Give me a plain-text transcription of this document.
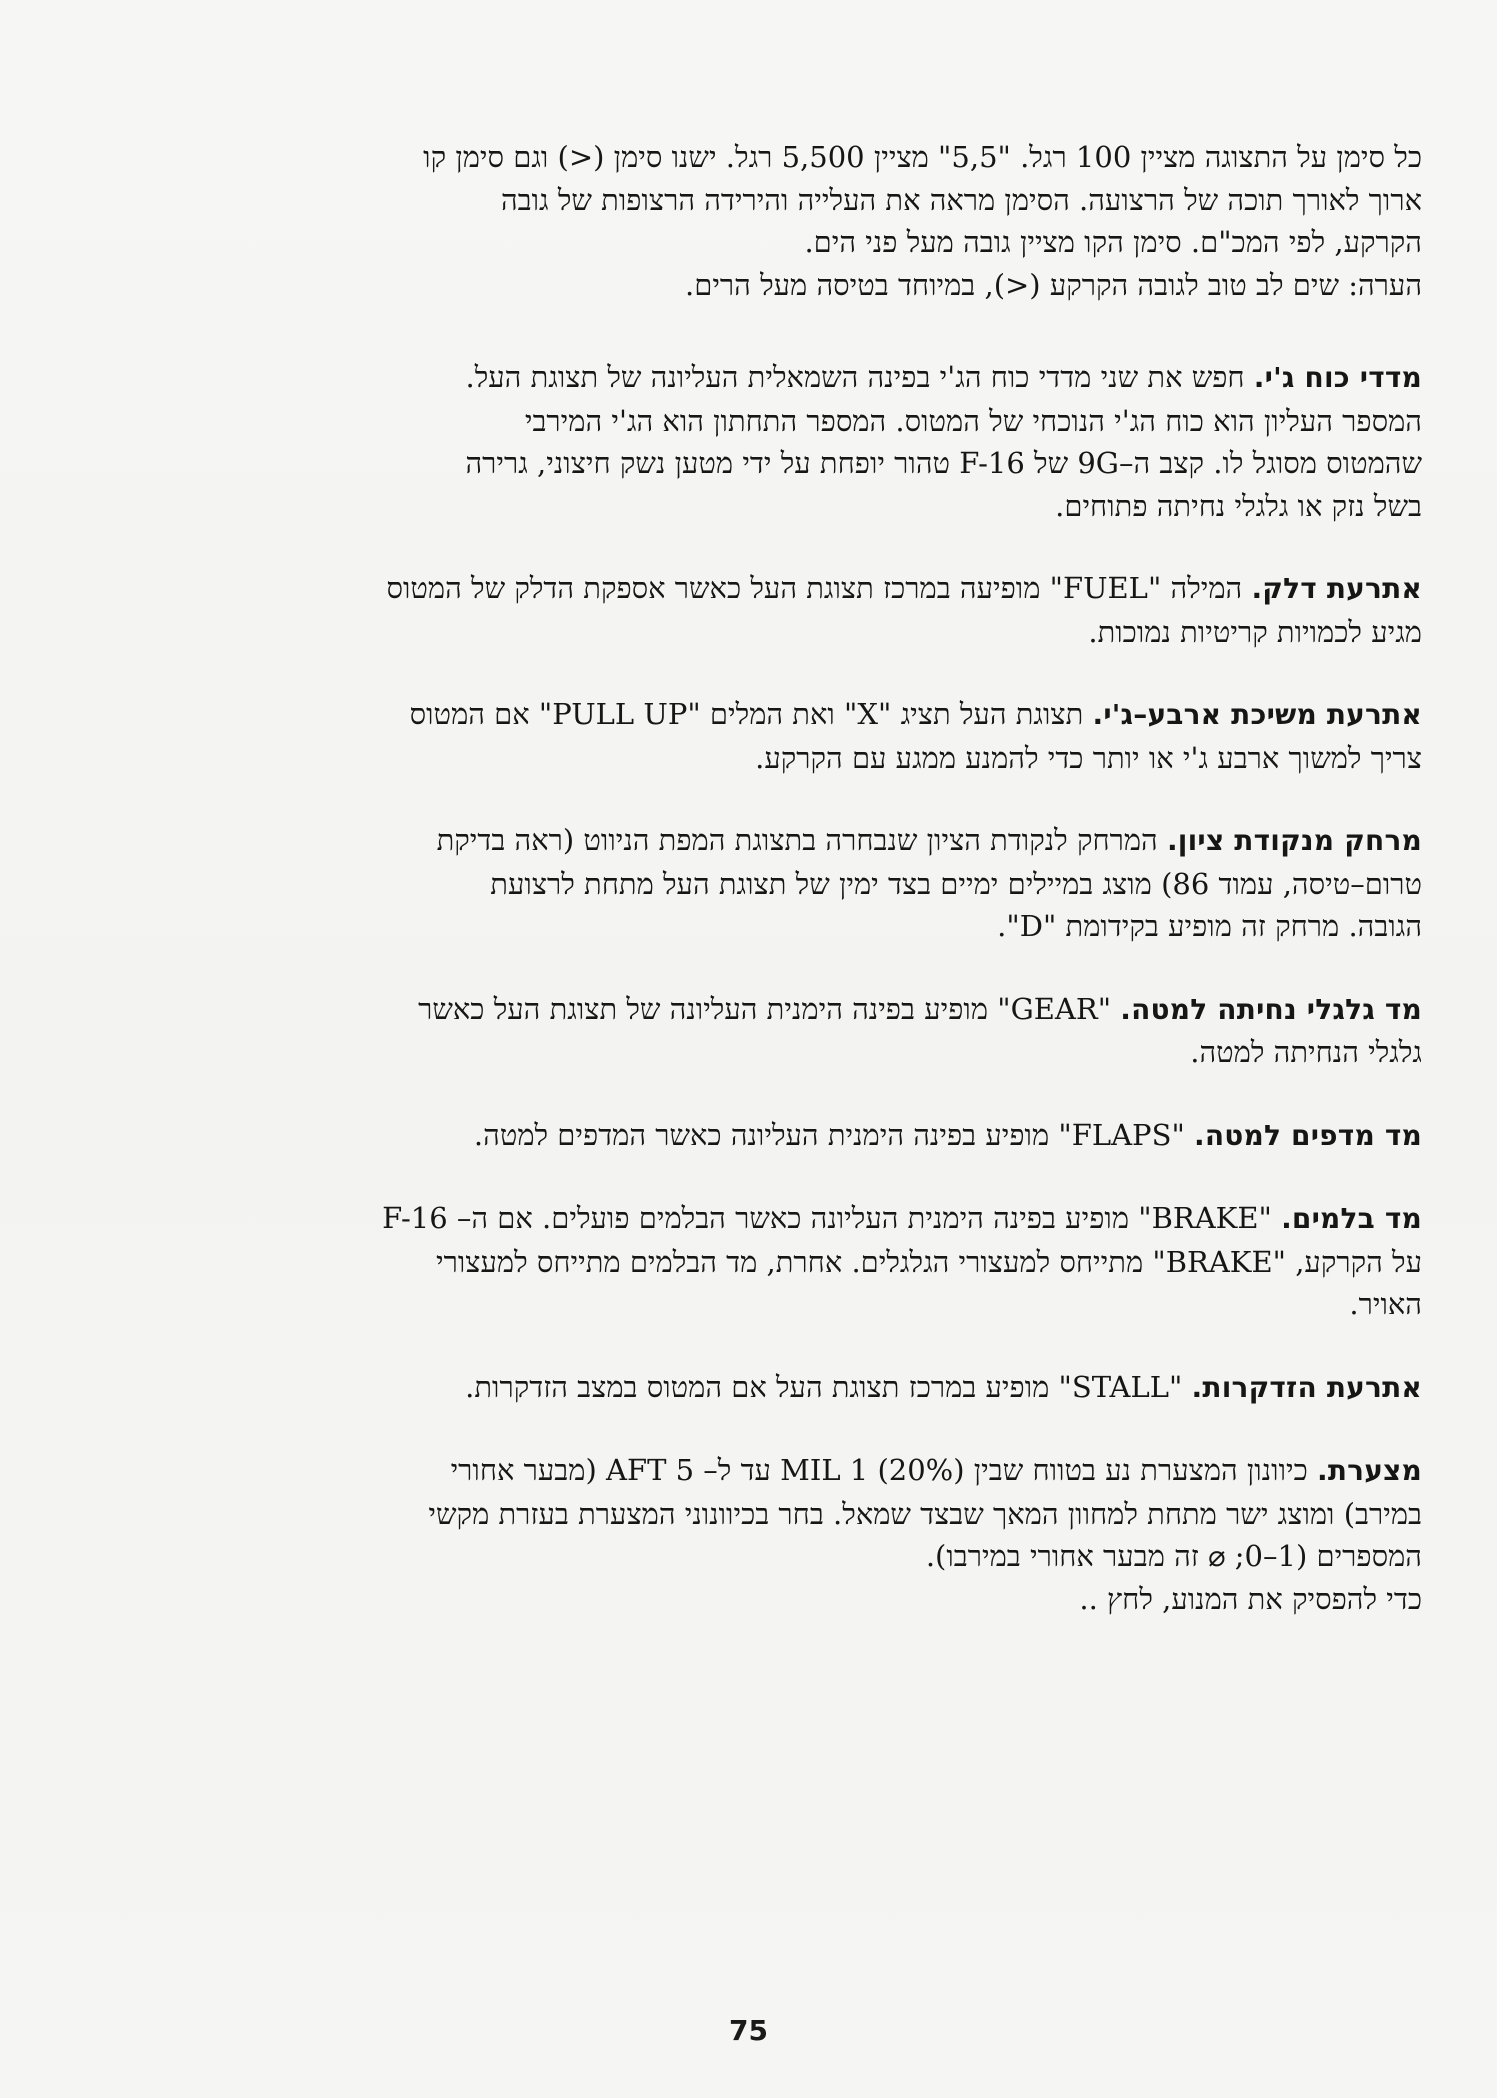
כל סימן על התצוגה מציין 100 רגל. "5,5" מציין 5,500 רגל. ישנו סימן (<) וגם סימן קו
ארוך לאורך תוכה של הרצועה. הסימן מראה את העלייה והירידה הרצופות של גובה
הקרקע, לפי המכ"ם. סימן הקו מציין גובה מעל פני הים.
הערה: שים לב טוב לגובה הקרקע (<), במיוחד בטיסה מעל הרים.
מדדי כוח ג'י. חפש את שני מדדי כוח הג'י בפינה השמאלית העליונה של תצוגת העל.
המספר העליון הוא כוח הג'י הנוכחי של המטוס. המספר התחתון הוא הג'י המירבי
שהמטוס מסוגל לו. קצב ה–9G של F-16 טהור יופחת על ידי מטען נשק חיצוני, גרירה
בשל נזק או גלגלי נחיתה פתוחים.
אתרעת דלק. המילה "FUEL" מופיעה במרכז תצוגת העל כאשר אספקת הדלק של המטוס
מגיע לכמויות קריטיות נמוכות.
אתרעת משיכת ארבע–ג'י. תצוגת העל תציג "X" ואת המלים "PULL UP" אם המטוס
צריך למשוך ארבע ג'י או יותר כדי להמנע ממגע עם הקרקע.
מרחק מנקודת ציון. המרחק לנקודת הציון שנבחרה בתצוגת המפת הניווט (ראה בדיקת
טרום–טיסה, עמוד 86) מוצג במיילים ימיים בצד ימין של תצוגת העל מתחת לרצועת
הגובה. מרחק זה מופיע בקידומת "D".
מד גלגלי נחיתה למטה. "GEAR" מופיע בפינה הימנית העליונה של תצוגת העל כאשר
גלגלי הנחיתה למטה.
מד מדפים למטה. "FLAPS" מופיע בפינה הימנית העליונה כאשר המדפים למטה.
מד בלמים. "BRAKE" מופיע בפינה הימנית העליונה כאשר הבלמים פועלים. אם ה– F-16
על הקרקע, "BRAKE" מתייחס למעצורי הגלגלים. אחרת, מד הבלמים מתייחס למעצורי
האויר.
אתרעת הזדקרות. "STALL" מופיע במרכז תצוגת העל אם המטוס במצב הזדקרות.
מצערת. כיוונון המצערת נע בטווח שבין MIL 1 (20%) עד ל– AFT 5 (מבער אחורי
במירב) ומוצג ישר מתחת למחוון המאך שבצד שמאל. בחר בכיוונוני המצערת בעזרת מקשי
המספרים (1–0; ⌀ זה מבער אחורי במירבו).
כדי להפסיק את המנוע, לחץ ..
75
